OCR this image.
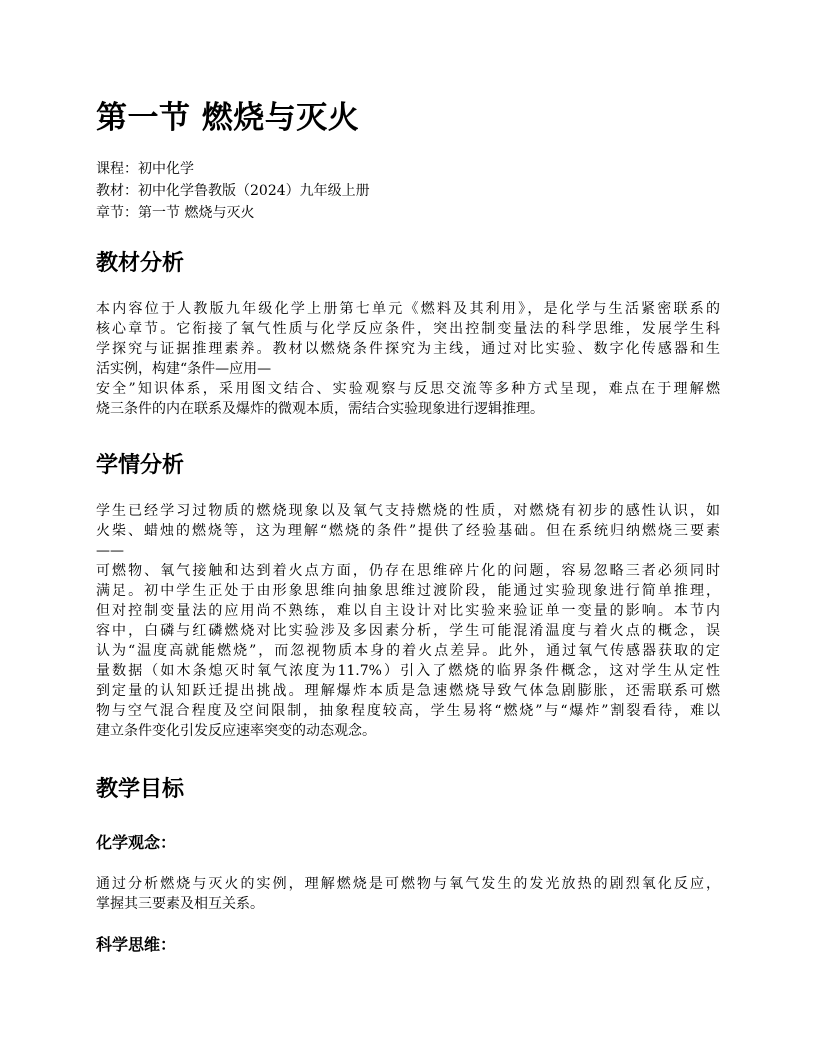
第一节 燃烧与灭火
课程：初中化学
教材：初中化学鲁教版（2024）九年级上册
章节：第一节 燃烧与灭火
教材分析
本内容位于人教版九年级化学上册第七单元《燃料及其利用》，是化学与生活紧密联系的
核心章节。它衔接了氧气性质与化学反应条件，突出控制变量法的科学思维，发展学生科
学探究与证据推理素养。教材以燃烧条件探究为主线，通过对比实验、数字化传感器和生
活实例，构建“条件—应用—
安全”知识体系，采用图文结合、实验观察与反思交流等多种方式呈现，难点在于理解燃
烧三条件的内在联系及爆炸的微观本质，需结合实验现象进行逻辑推理。
学情分析
学生已经学习过物质的燃烧现象以及氧气支持燃烧的性质，对燃烧有初步的感性认识，如
火柴、蜡烛的燃烧等，这为理解“燃烧的条件”提供了经验基础。但在系统归纳燃烧三要素
——
可燃物、氧气接触和达到着火点方面，仍存在思维碎片化的问题，容易忽略三者必须同时
满足。初中学生正处于由形象思维向抽象思维过渡阶段，能通过实验现象进行简单推理，
但对控制变量法的应用尚不熟练，难以自主设计对比实验来验证单一变量的影响。本节内
容中，白磷与红磷燃烧对比实验涉及多因素分析，学生可能混淆温度与着火点的概念，误
认为“温度高就能燃烧”，而忽视物质本身的着火点差异。此外，通过氧气传感器获取的定
量数据（如木条熄灭时氧气浓度为11.7%）引入了燃烧的临界条件概念，这对学生从定性
到定量的认知跃迁提出挑战。理解爆炸本质是急速燃烧导致气体急剧膨胀，还需联系可燃
物与空气混合程度及空间限制，抽象程度较高，学生易将“燃烧”与“爆炸”割裂看待，难以
建立条件变化引发反应速率突变的动态观念。
教学目标
化学观念：
通过分析燃烧与灭火的实例，理解燃烧是可燃物与氧气发生的发光放热的剧烈氧化反应，
掌握其三要素及相互关系。
科学思维：
